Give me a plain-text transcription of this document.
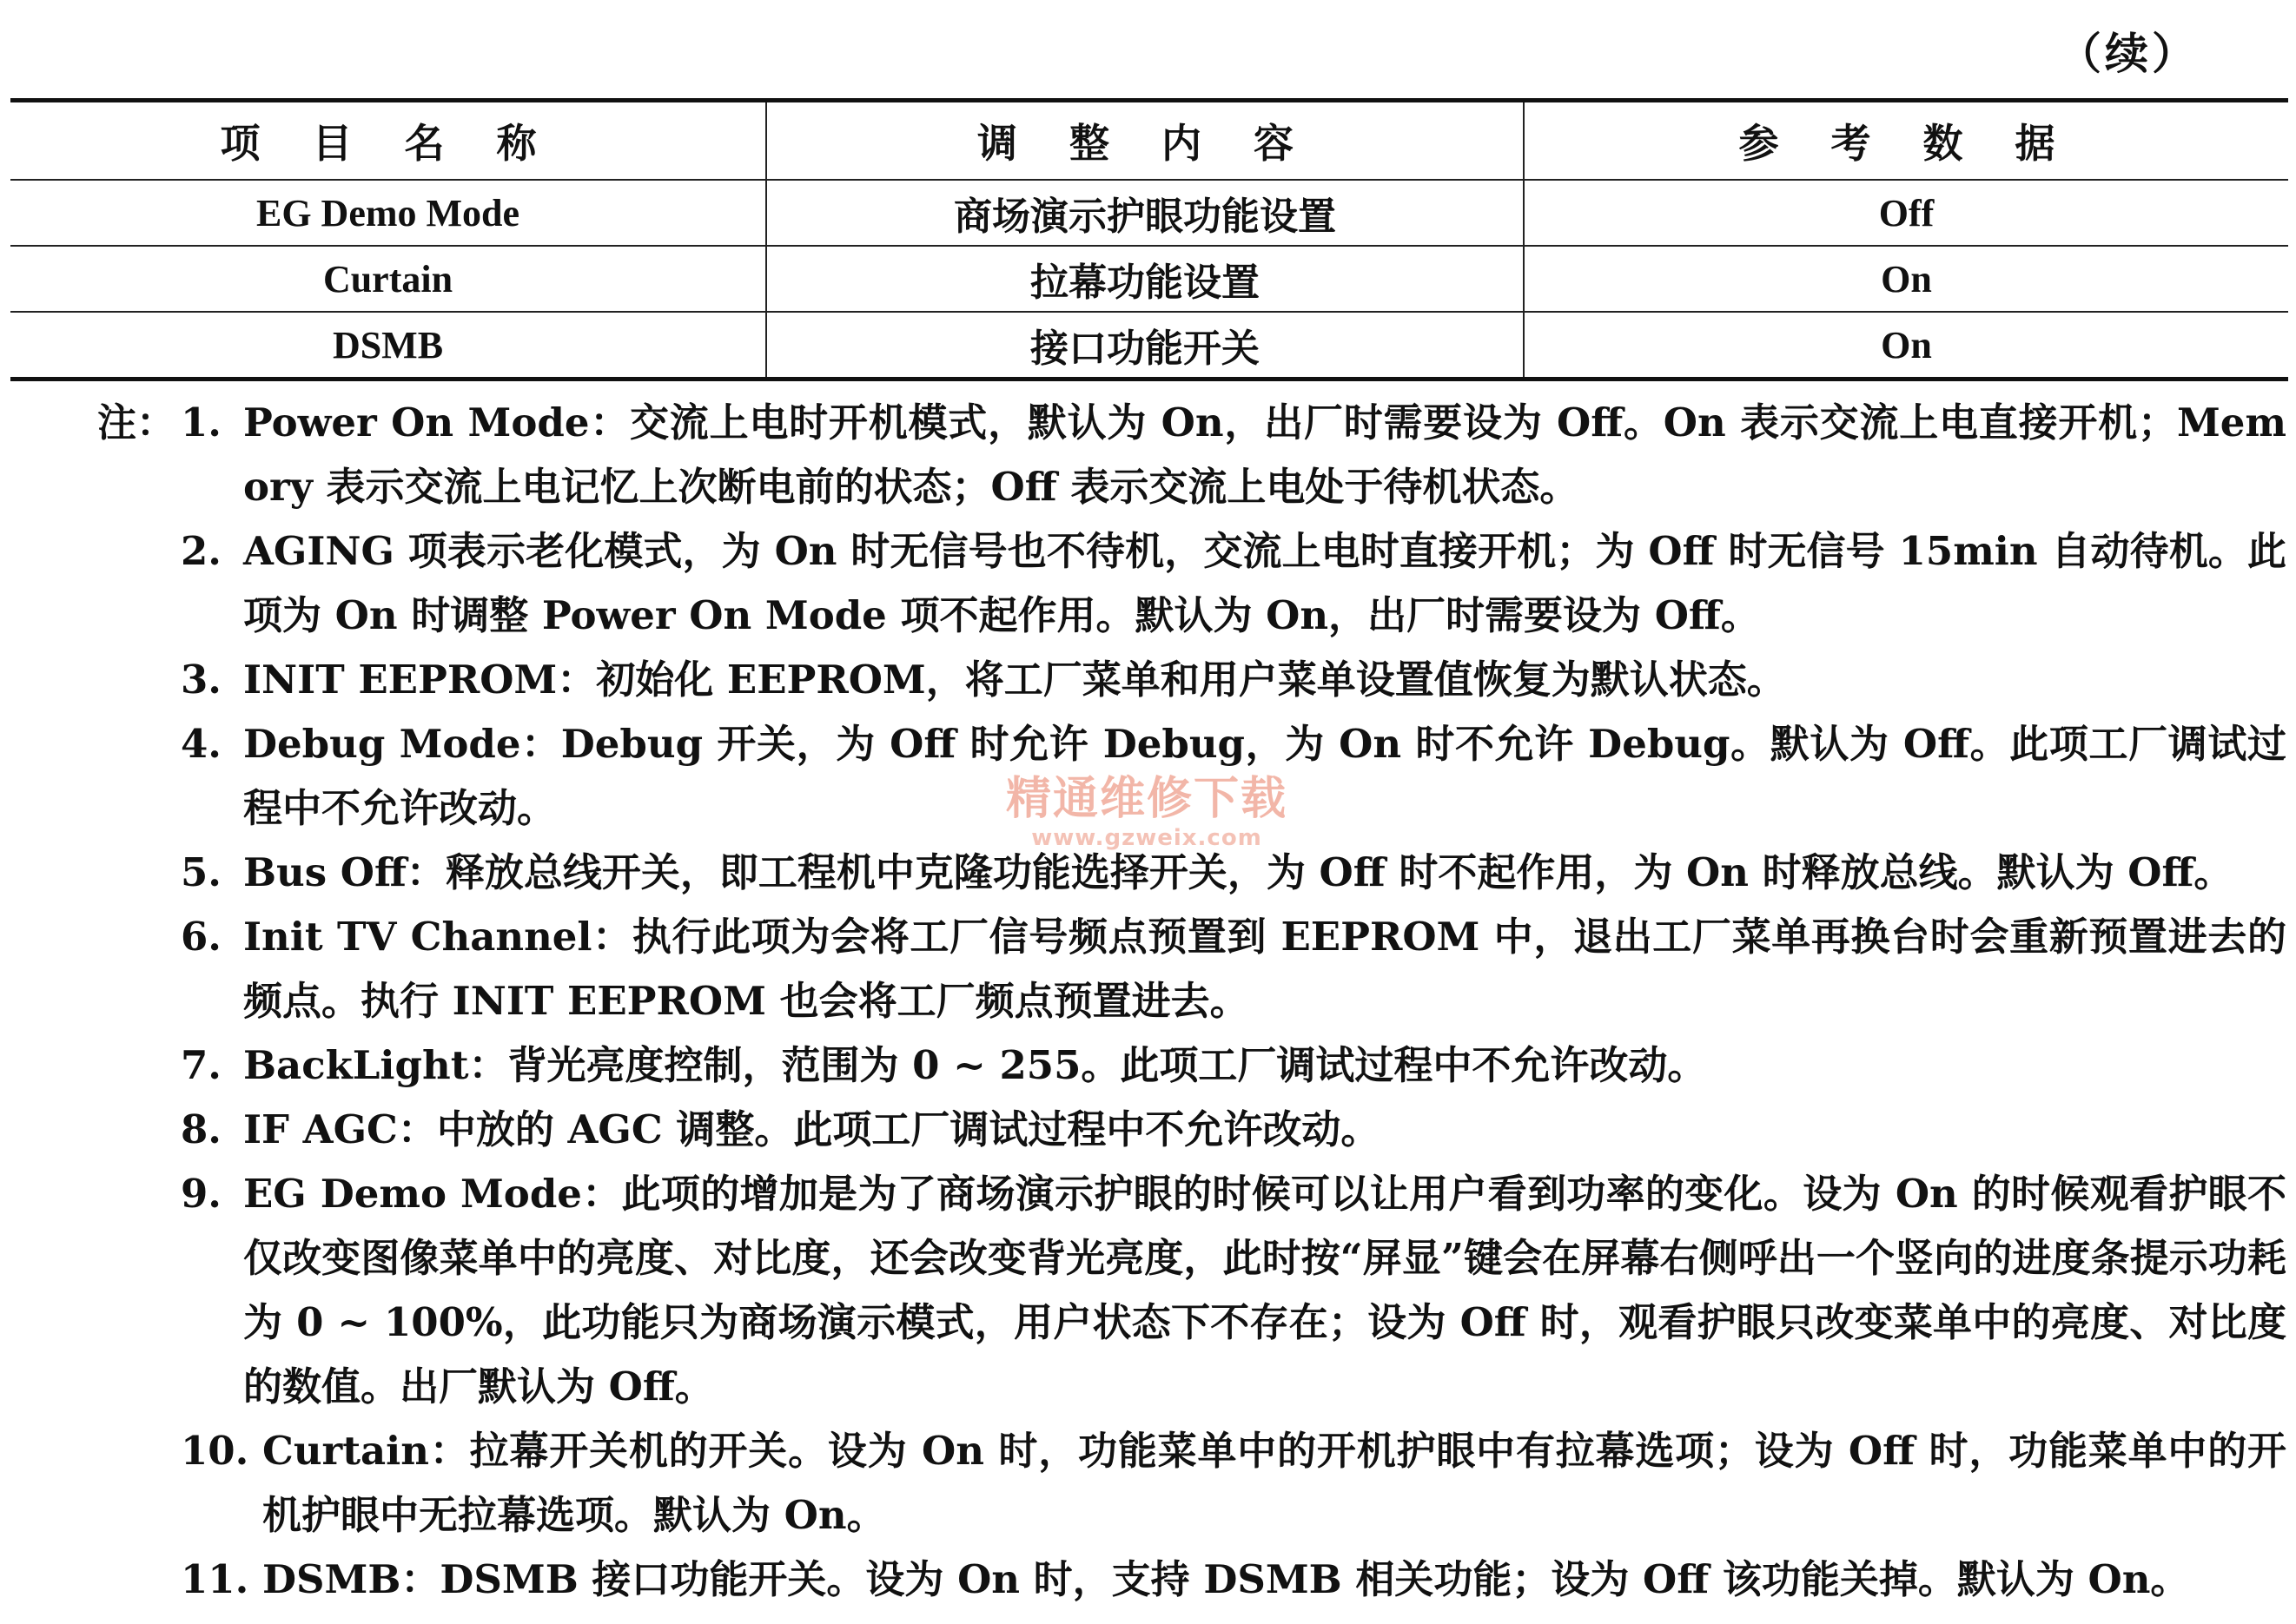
（续）
项 目 名 称	调 整 内 容	参 考 数 据
EG Demo Mode	商场演示护眼功能设置	Off
Curtain	拉幕功能设置	On
DSMB	接口功能开关	On
注： 1. Power On Mode：交流上电时开机模式，默认为 On，出厂时需要设为 Off。On 表示交流上电直接开机；Mem ory 表示交流上电记忆上次断电前的状态；Off 表示交流上电处于待机状态。

2. AGING 项表示老化模式，为 On 时无信号也不待机，交流上电时直接开机；为 Off 时无信号 15min 自动待机。此项为 On 时调整 Power On Mode 项不起作用。默认为 On，出厂时需要设为 Off。

3. INIT EEPROM：初始化 EEPROM，将工厂菜单和用户菜单设置值恢复为默认状态。

4. Debug Mode：Debug 开关，为 Off 时允许 Debug，为 On 时不允许 Debug。默认为 Off。此项工厂调试过程中不允许改动。

5. Bus Off：释放总线开关，即工程机中克隆功能选择开关，为 Off 时不起作用，为 On 时释放总线。默认为 Off。

6. Init TV Channel：执行此项为会将工厂信号频点预置到 EEPROM 中，退出工厂菜单再换台时会重新预置进去的频点。执行 INIT EEPROM 也会将工厂频点预置进去。

7. BackLight：背光亮度控制，范围为 0 ~ 255。此项工厂调试过程中不允许改动。

8. IF AGC：中放的 AGC 调整。此项工厂调试过程中不允许改动。

9. EG Demo Mode：此项的增加是为了商场演示护眼的时候可以让用户看到功率的变化。设为 On 的时候观看护眼不仅改变图像菜单中的亮度、对比度，还会改变背光亮度，此时按“屏显”键会在屏幕右侧呼出一个竖向的进度条提示功耗为 0 ~ 100%，此功能只为商场演示模式，用户状态下不存在；设为 Off 时，观看护眼只改变菜单中的亮度、对比度的数值。出厂默认为 Off。

10. Curtain：拉幕开关机的开关。设为 On 时，功能菜单中的开机护眼中有拉幕选项；设为 Off 时，功能菜单中的开机护眼中无拉幕选项。默认为 On。

11. DSMB：DSMB 接口功能开关。设为 On 时，支持 DSMB 相关功能；设为 Off 该功能关掉。默认为 On。

精通维修下载
www.gzweix.com
